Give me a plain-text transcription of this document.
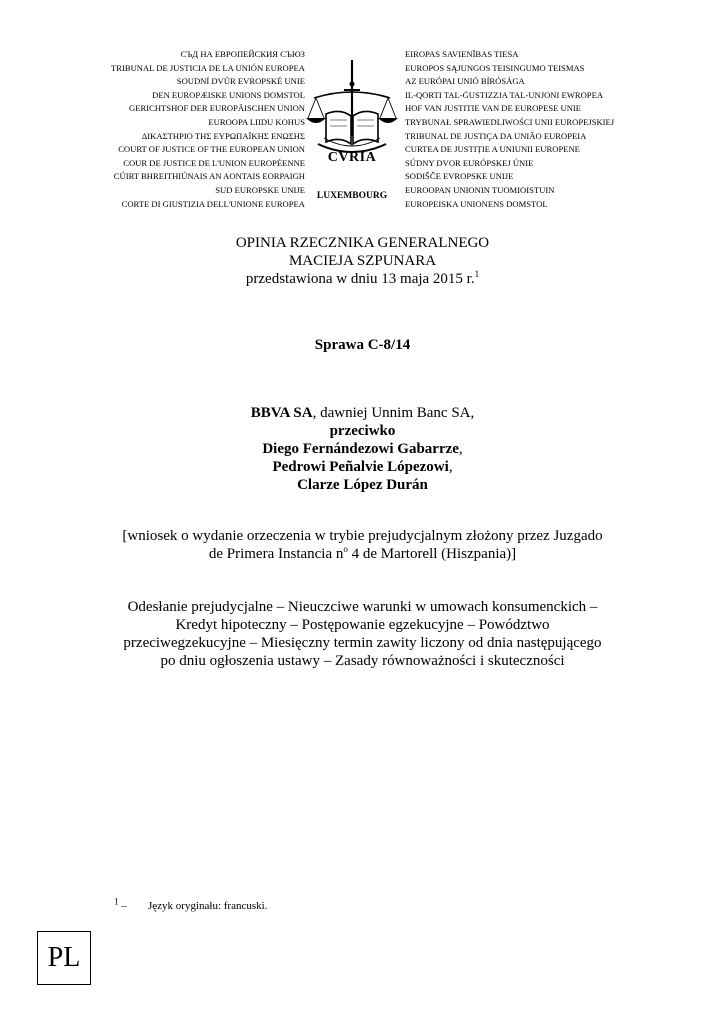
СЪД НА ЕВРОПЕЙСКИЯ СЪЮЗ
TRIBUNAL DE JUSTICIA DE LA UNIÓN EUROPEA
SOUDNÍ DVŮR EVROPSKÉ UNIE
DEN EUROPÆISKE UNIONS DOMSTOL
GERICHTSHOF DER EUROPÄISCHEN UNION
EUROOPA LIIDU KOHUS
ΔΙΚΑΣΤΗΡΙΟ ΤΗΣ ΕΥΡΩΠΑΪΚΗΣ ΕΝΩΣΗΣ
COURT OF JUSTICE OF THE EUROPEAN UNION
COUR DE JUSTICE DE L'UNION EUROPÉENNE
CÚIRT BHREITHIÚNAIS AN AONTAIS EORPAIGH
SUD EUROPSKE UNIJE
CORTE DI GIUSTIZIA DELL'UNIONE EUROPEA
CVRIA
LUXEMBOURG
EIROPAS SAVIENĪBAS TIESA
EUROPOS SĄJUNGOS TEISINGUMO TEISMAS
AZ EURÓPAI UNIÓ BÍRÓSÁGA
IL-QORTI TAL-ĠUSTIZZJA TAL-UNJONI EWROPEA
HOF VAN JUSTITIE VAN DE EUROPESE UNIE
TRYBUNAŁ SPRAWIEDLIWOŚCI UNII EUROPEJSKIEJ
TRIBUNAL DE JUSTIÇA DA UNIÃO EUROPEIA
CURTEA DE JUSTIȚIE A UNIUNII EUROPENE
SÚDNY DVOR EURÓPSKEJ ÚNIE
SODIŠČE EVROPSKE UNIJE
EUROOPAN UNIONIN TUOMIOISTUIN
EUROPEISKA UNIONENS DOMSTOL
OPINIA RZECZNIKA GENERALNEGO
MACIEJA SZPUNARA
przedstawiona w dniu 13 maja 2015 r.$^1$
Sprawa C-8/14
BBVA SA, dawniej Unnim Banc SA,
przeciwko
Diego Fernándezowi Gabarrze,
Pedrowi Peñalvie Lópezowi,
Clarze López Durán
[wniosek o wydanie orzeczenia w trybie prejudycjalnym złożony przez Juzgado
de Primera Instancia $n^o$ 4 de Martorell (Hiszpania)]
Odesłanie prejudycjalne – Nieuczciwe warunki w umowach konsumenckich –
Kredyt hipoteczny – Postępowanie egzekucyjne – Powództwo
przeciwegzekucyjne – Miesięczny termin zawity liczony od dnia następującego
po dniu ogłoszenia ustawy – Zasady równoważności i skuteczności
$^1$ –	Język oryginału: francuski.
PL
